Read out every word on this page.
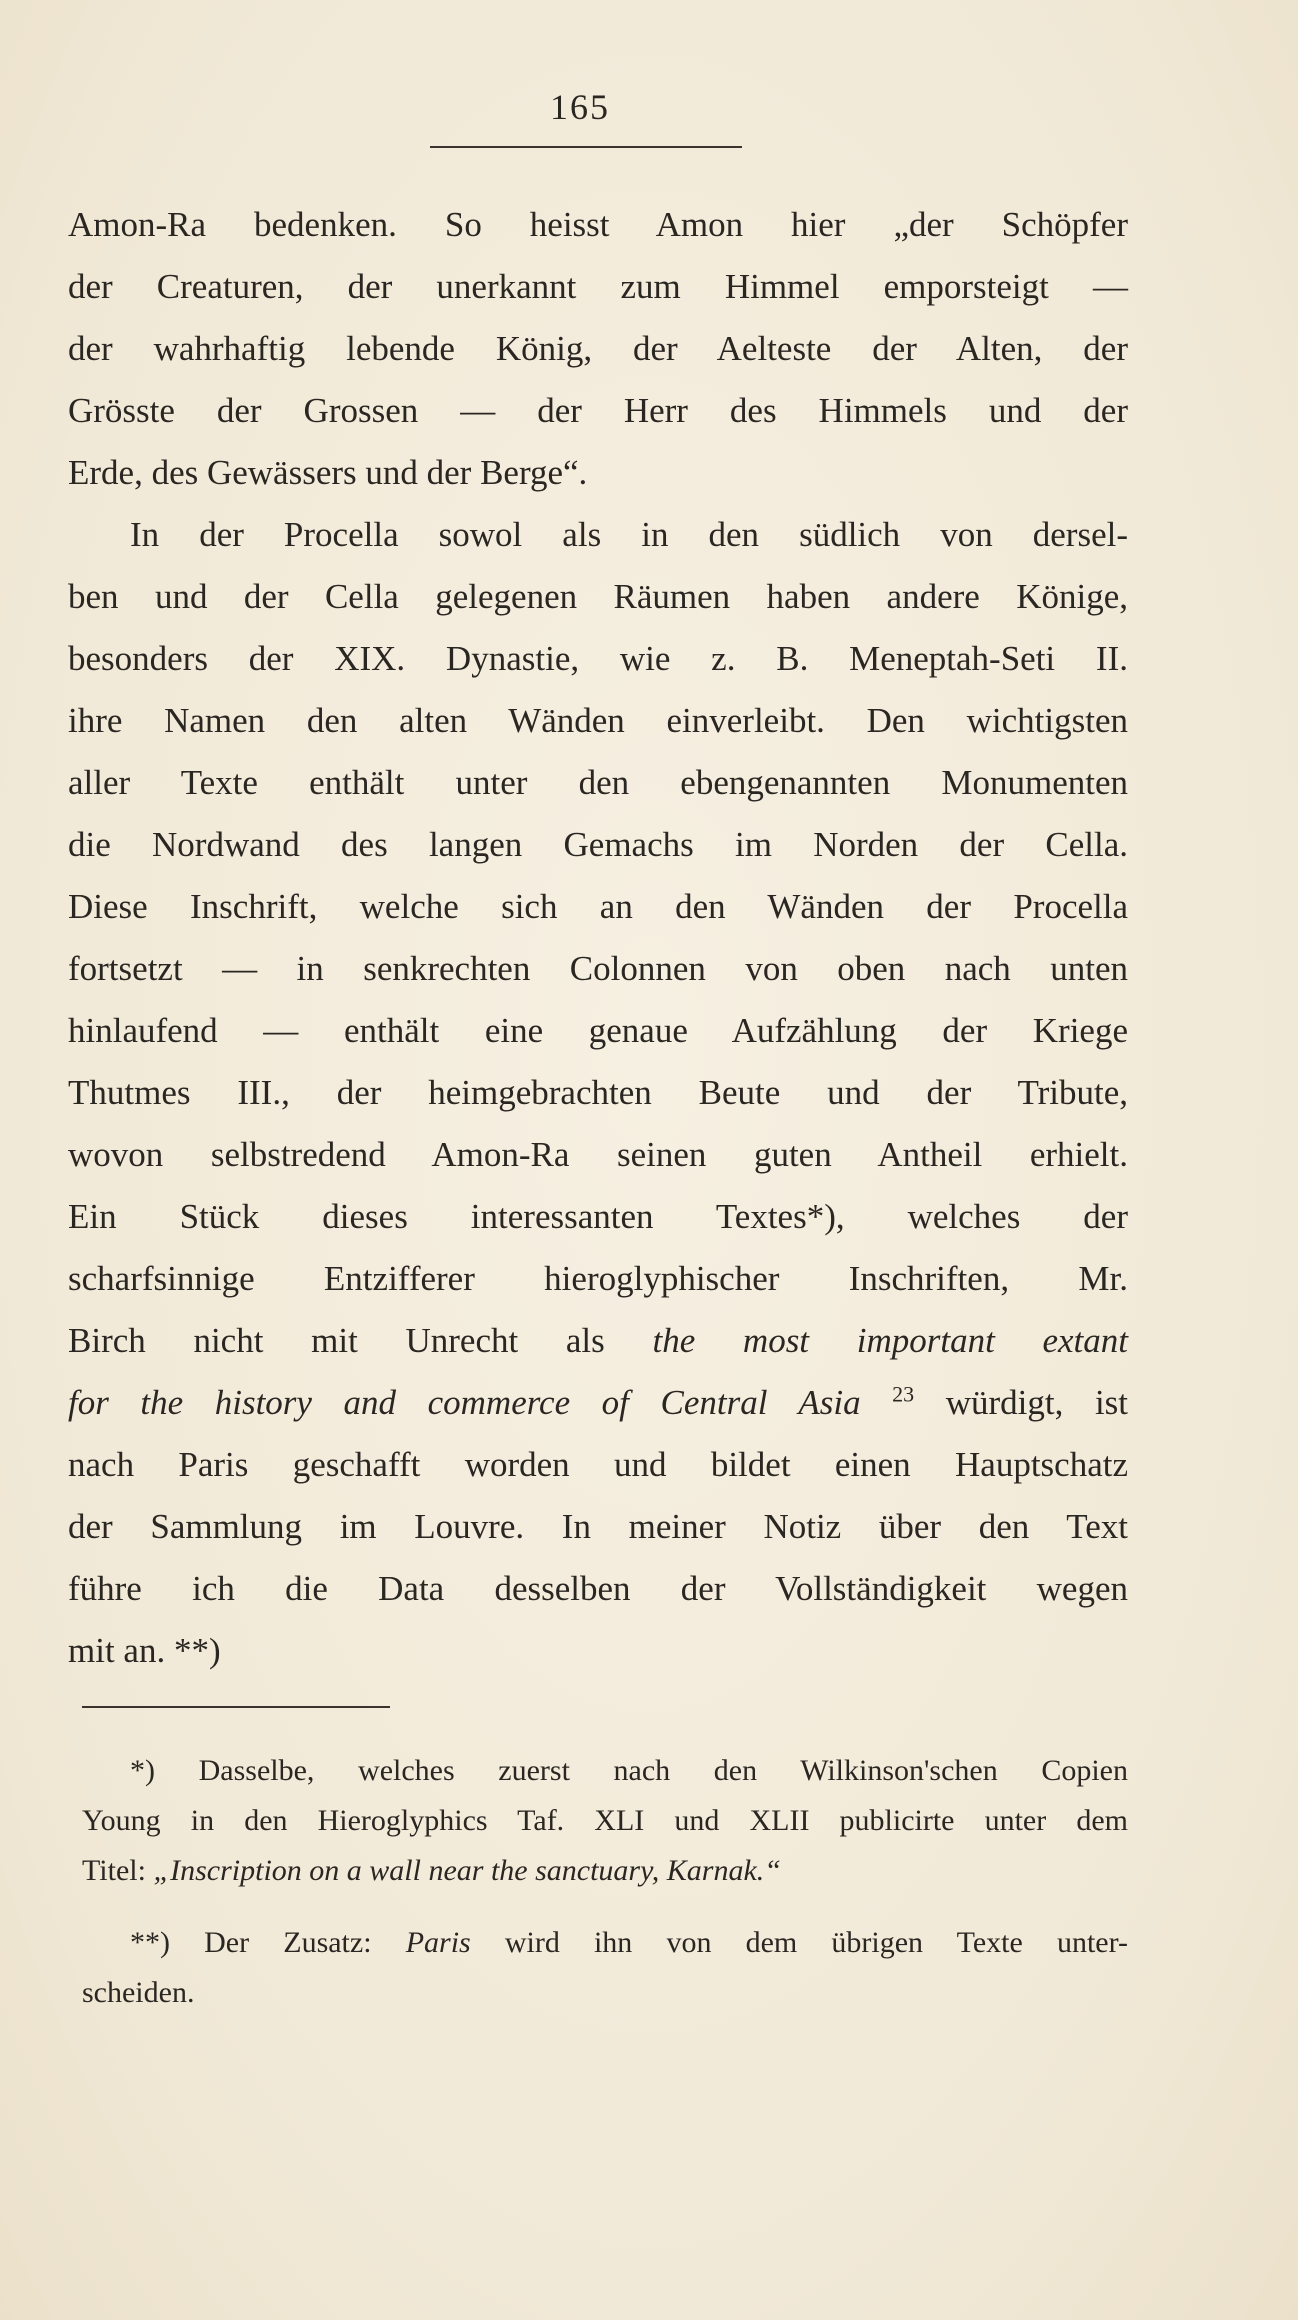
165
Amon-Ra bedenken. So heisst Amon hier „der Schöpfer
der Creaturen, der unerkannt zum Himmel emporsteigt —
der wahrhaftig lebende König, der Aelteste der Alten, der
Grösste der Grossen — der Herr des Himmels und der
Erde, des Gewässers und der Berge“.
In der Procella sowol als in den südlich von dersel-
ben und der Cella gelegenen Räumen haben andere Könige,
besonders der XIX. Dynastie, wie z. B. Meneptah-Seti II.
ihre Namen den alten Wänden einverleibt. Den wichtigsten
aller Texte enthält unter den ebengenannten Monumenten
die Nordwand des langen Gemachs im Norden der Cella.
Diese Inschrift, welche sich an den Wänden der Procella
fortsetzt — in senkrechten Colonnen von oben nach unten
hinlaufend — enthält eine genaue Aufzählung der Kriege
Thutmes III., der heimgebrachten Beute und der Tribute,
wovon selbstredend Amon-Ra seinen guten Antheil erhielt.
Ein Stück dieses interessanten Textes*), welches der
scharfsinnige Entzifferer hieroglyphischer Inschriften, Mr.
Birch nicht mit Unrecht als the most important extant
for the history and commerce of Central Asia $^{23}$ würdigt, ist
nach Paris geschafft worden und bildet einen Hauptschatz
der Sammlung im Louvre. In meiner Notiz über den Text
führe ich die Data desselben der Vollständigkeit wegen
mit an. **)
*) Dasselbe, welches zuerst nach den Wilkinson'schen Copien
Young in den Hieroglyphics Taf. XLI und XLII publicirte unter dem
Titel: „Inscription on a wall near the sanctuary, Karnak.“
**) Der Zusatz: Paris wird ihn von dem übrigen Texte unter-
scheiden.
